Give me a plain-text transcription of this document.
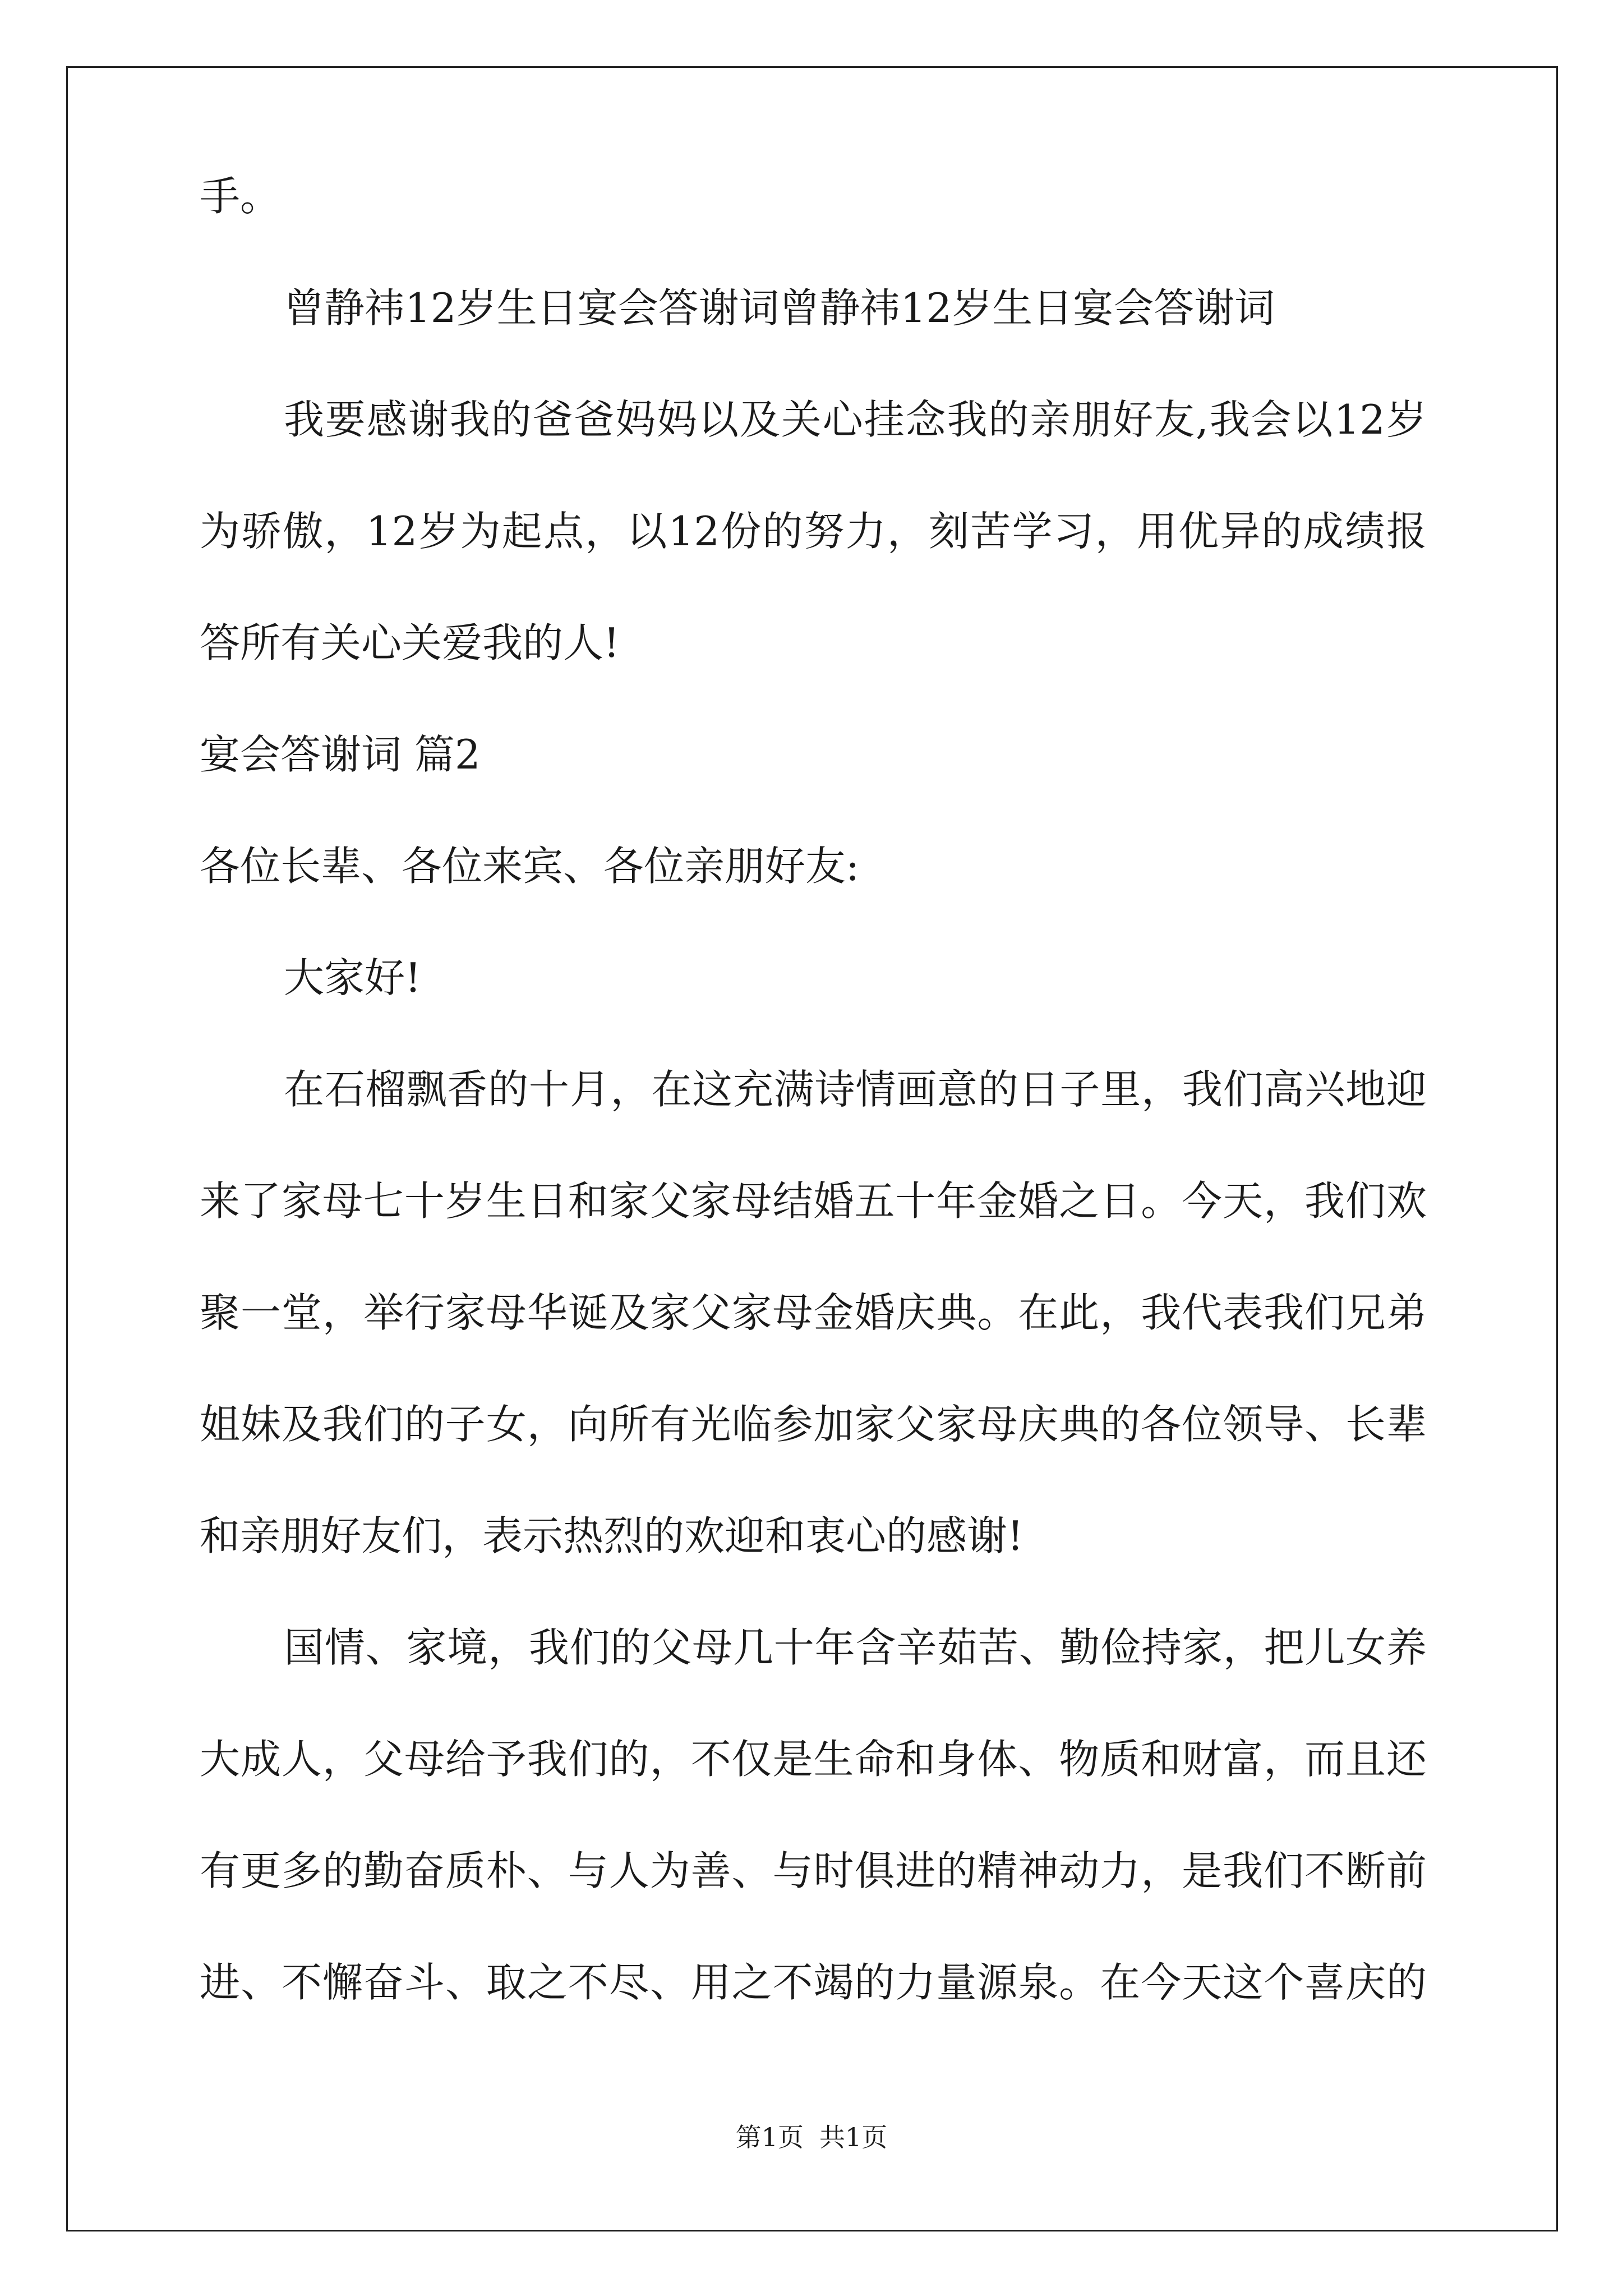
手。
曾静祎12岁生日宴会答谢词曾静祎12岁生日宴会答谢词
我要感谢我的爸爸妈妈以及关心挂念我的亲朋好友,我会以12岁
为骄傲，12岁为起点，以12份的努力，刻苦学习，用优异的成绩报
答所有关心关爱我的人!
宴会答谢词 篇2
各位长辈、各位来宾、各位亲朋好友:
大家好!
在石榴飘香的十月，在这充满诗情画意的日子里，我们高兴地迎
来了家母七十岁生日和家父家母结婚五十年金婚之日。今天，我们欢
聚一堂，举行家母华诞及家父家母金婚庆典。在此，我代表我们兄弟
姐妹及我们的子女，向所有光临参加家父家母庆典的各位领导、长辈
和亲朋好友们，表示热烈的欢迎和衷心的感谢!
国情、家境，我们的父母几十年含辛茹苦、勤俭持家，把儿女养
大成人，父母给予我们的，不仅是生命和身体、物质和财富，而且还
有更多的勤奋质朴、与人为善、与时俱进的精神动力，是我们不断前
进、不懈奋斗、取之不尽、用之不竭的力量源泉。在今天这个喜庆的
第1页 共1页
